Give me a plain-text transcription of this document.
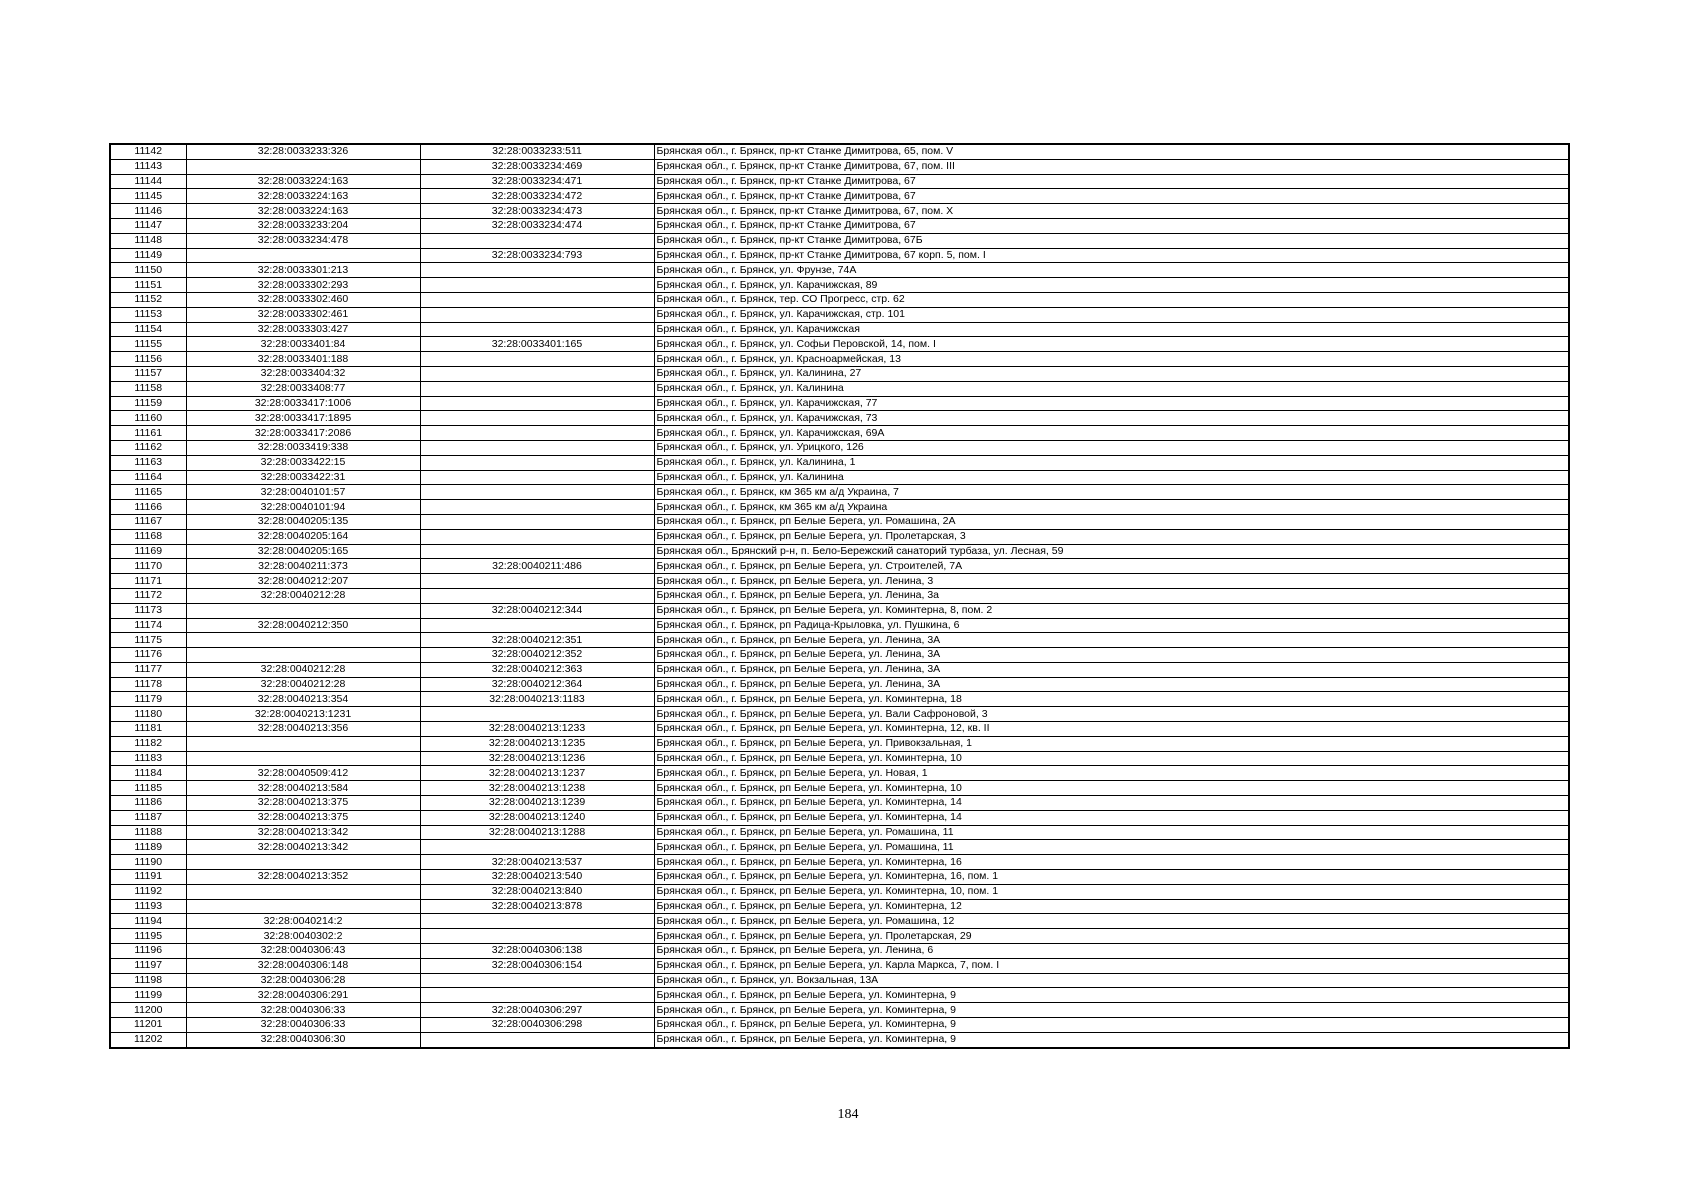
11142	32:28:0033233:326	32:28:0033233:511	Брянская обл., г. Брянск, пр-кт Станке Димитрова, 65, пом. V
11143		32:28:0033234:469	Брянская обл., г. Брянск, пр-кт Станке Димитрова, 67, пом. III
11144	32:28:0033224:163	32:28:0033234:471	Брянская обл., г. Брянск, пр-кт Станке Димитрова, 67
11145	32:28:0033224:163	32:28:0033234:472	Брянская обл., г. Брянск, пр-кт Станке Димитрова, 67
11146	32:28:0033224:163	32:28:0033234:473	Брянская обл., г. Брянск, пр-кт Станке Димитрова, 67, пом. X
11147	32:28:0033233:204	32:28:0033234:474	Брянская обл., г. Брянск, пр-кт Станке Димитрова, 67
11148	32:28:0033234:478		Брянская обл., г. Брянск, пр-кт Станке Димитрова, 67Б
11149		32:28:0033234:793	Брянская обл., г. Брянск, пр-кт Станке Димитрова, 67 корп. 5, пом. I
11150	32:28:0033301:213		Брянская обл., г. Брянск, ул. Фрунзе, 74А
11151	32:28:0033302:293		Брянская обл., г. Брянск, ул. Карачижская, 89
11152	32:28:0033302:460		Брянская обл., г. Брянск, тер. СО Прогресс, стр. 62
11153	32:28:0033302:461		Брянская обл., г. Брянск, ул. Карачижская, стр. 101
11154	32:28:0033303:427		Брянская обл., г. Брянск, ул. Карачижская
11155	32:28:0033401:84	32:28:0033401:165	Брянская обл., г. Брянск, ул. Софьи Перовской, 14, пом. I
11156	32:28:0033401:188		Брянская обл., г. Брянск, ул. Красноармейская, 13
11157	32:28:0033404:32		Брянская обл., г. Брянск, ул. Калинина, 27
11158	32:28:0033408:77		Брянская обл., г. Брянск, ул. Калинина
11159	32:28:0033417:1006		Брянская обл., г. Брянск, ул. Карачижская, 77
11160	32:28:0033417:1895		Брянская обл., г. Брянск, ул. Карачижская, 73
11161	32:28:0033417:2086		Брянская обл., г. Брянск, ул. Карачижская, 69А
11162	32:28:0033419:338		Брянская обл., г. Брянск, ул. Урицкого, 126
11163	32:28:0033422:15		Брянская обл., г. Брянск, ул. Калинина, 1
11164	32:28:0033422:31		Брянская обл., г. Брянск, ул. Калинина
11165	32:28:0040101:57		Брянская обл., г. Брянск, км 365 км а/д Украина, 7
11166	32:28:0040101:94		Брянская обл., г. Брянск, км 365 км а/д Украина
11167	32:28:0040205:135		Брянская обл., г. Брянск, рп Белые Берега, ул. Ромашина, 2А
11168	32:28:0040205:164		Брянская обл., г. Брянск, рп Белые Берега, ул. Пролетарская, 3
11169	32:28:0040205:165		Брянская обл., Брянский р-н, п. Бело-Бережский санаторий турбаза, ул. Лесная, 59
11170	32:28:0040211:373	32:28:0040211:486	Брянская обл., г. Брянск, рп Белые Берега, ул. Строителей, 7А
11171	32:28:0040212:207		Брянская обл., г. Брянск, рп Белые Берега, ул. Ленина, 3
11172	32:28:0040212:28		Брянская обл., г. Брянск, рп Белые Берега, ул. Ленина, 3а
11173		32:28:0040212:344	Брянская обл., г. Брянск, рп Белые Берега, ул. Коминтерна, 8, пом. 2
11174	32:28:0040212:350		Брянская обл., г. Брянск, рп Радица-Крыловка, ул. Пушкина, 6
11175		32:28:0040212:351	Брянская обл., г. Брянск, рп Белые Берега, ул. Ленина, 3А
11176		32:28:0040212:352	Брянская обл., г. Брянск, рп Белые Берега, ул. Ленина, 3А
11177	32:28:0040212:28	32:28:0040212:363	Брянская обл., г. Брянск, рп Белые Берега, ул. Ленина, 3А
11178	32:28:0040212:28	32:28:0040212:364	Брянская обл., г. Брянск, рп Белые Берега, ул. Ленина, 3А
11179	32:28:0040213:354	32:28:0040213:1183	Брянская обл., г. Брянск, рп Белые Берега, ул. Коминтерна, 18
11180	32:28:0040213:1231		Брянская обл., г. Брянск, рп Белые Берега, ул. Вали Сафроновой, 3
11181	32:28:0040213:356	32:28:0040213:1233	Брянская обл., г. Брянск, рп Белые Берега, ул. Коминтерна, 12, кв. II
11182		32:28:0040213:1235	Брянская обл., г. Брянск, рп Белые Берега, ул. Привокзальная, 1
11183		32:28:0040213:1236	Брянская обл., г. Брянск, рп Белые Берега, ул. Коминтерна, 10
11184	32:28:0040509:412	32:28:0040213:1237	Брянская обл., г. Брянск, рп Белые Берега, ул. Новая, 1
11185	32:28:0040213:584	32:28:0040213:1238	Брянская обл., г. Брянск, рп Белые Берега, ул. Коминтерна, 10
11186	32:28:0040213:375	32:28:0040213:1239	Брянская обл., г. Брянск, рп Белые Берега, ул. Коминтерна, 14
11187	32:28:0040213:375	32:28:0040213:1240	Брянская обл., г. Брянск, рп Белые Берега, ул. Коминтерна, 14
11188	32:28:0040213:342	32:28:0040213:1288	Брянская обл., г. Брянск, рп Белые Берега, ул. Ромашина, 11
11189	32:28:0040213:342		Брянская обл., г. Брянск, рп Белые Берега, ул. Ромашина, 11
11190		32:28:0040213:537	Брянская обл., г. Брянск, рп Белые Берега, ул. Коминтерна, 16
11191	32:28:0040213:352	32:28:0040213:540	Брянская обл., г. Брянск, рп Белые Берега, ул. Коминтерна, 16, пом. 1
11192		32:28:0040213:840	Брянская обл., г. Брянск, рп Белые Берега, ул. Коминтерна, 10, пом. 1
11193		32:28:0040213:878	Брянская обл., г. Брянск, рп Белые Берега, ул. Коминтерна, 12
11194	32:28:0040214:2		Брянская обл., г. Брянск, рп Белые Берега, ул. Ромашина, 12
11195	32:28:0040302:2		Брянская обл., г. Брянск, рп Белые Берега, ул. Пролетарская, 29
11196	32:28:0040306:43	32:28:0040306:138	Брянская обл., г. Брянск, рп Белые Берега, ул. Ленина, 6
11197	32:28:0040306:148	32:28:0040306:154	Брянская обл., г. Брянск, рп Белые Берега, ул. Карла Маркса, 7, пом. I
11198	32:28:0040306:28		Брянская обл., г. Брянск, ул. Вокзальная, 13А
11199	32:28:0040306:291		Брянская обл., г. Брянск, рп Белые Берега, ул. Коминтерна, 9
11200	32:28:0040306:33	32:28:0040306:297	Брянская обл., г. Брянск, рп Белые Берега, ул. Коминтерна, 9
11201	32:28:0040306:33	32:28:0040306:298	Брянская обл., г. Брянск, рп Белые Берега, ул. Коминтерна, 9
11202	32:28:0040306:30		Брянская обл., г. Брянск, рп Белые Берега, ул. Коминтерна, 9
184
